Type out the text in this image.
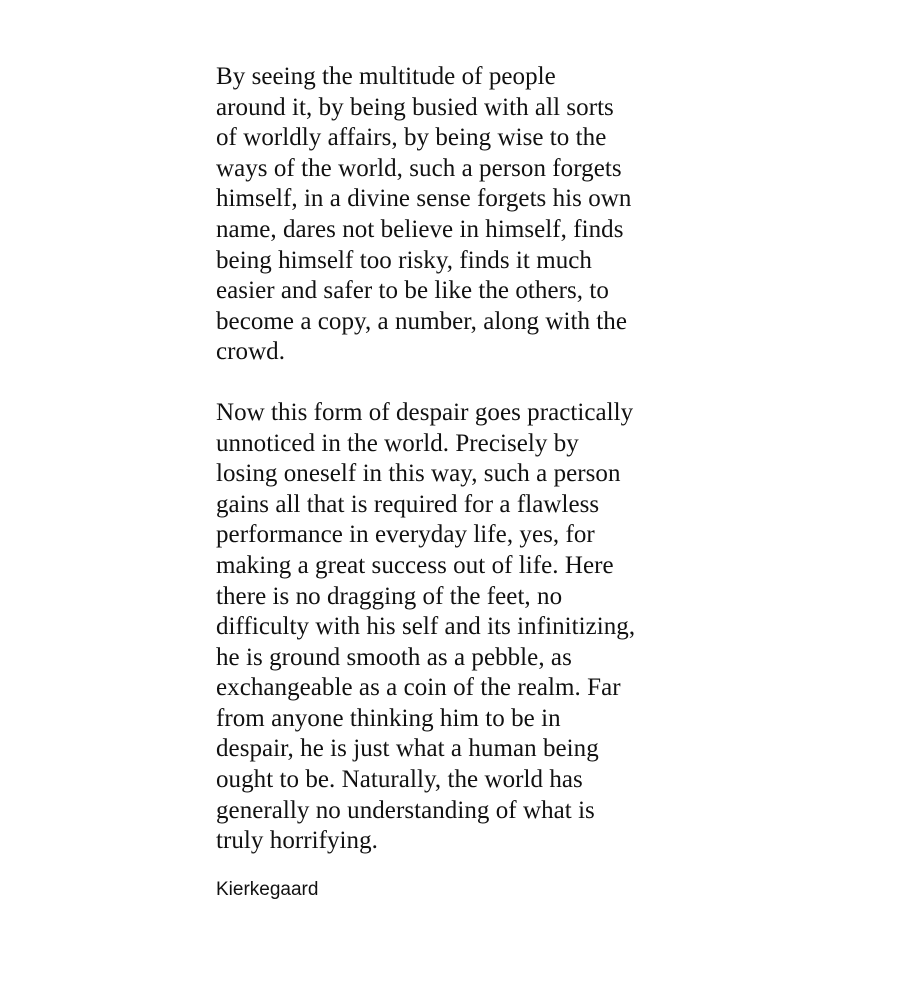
By seeing the multitude of people
around it, by being busied with all sorts
of worldly affairs, by being wise to the
ways of the world, such a person forgets
himself, in a divine sense forgets his own
name, dares not believe in himself, finds
being himself too risky, finds it much
easier and safer to be like the others, to
become a copy, a number, along with the
crowd.

Now this form of despair goes practically
unnoticed in the world. Precisely by
losing oneself in this way, such a person
gains all that is required for a flawless
performance in everyday life, yes, for
making a great success out of life. Here
there is no dragging of the feet, no
difficulty with his self and its infinitizing,
he is ground smooth as a pebble, as
exchangeable as a coin of the realm. Far
from anyone thinking him to be in
despair, he is just what a human being
ought to be. Naturally, the world has
generally no understanding of what is
truly horrifying.

Kierkegaard
